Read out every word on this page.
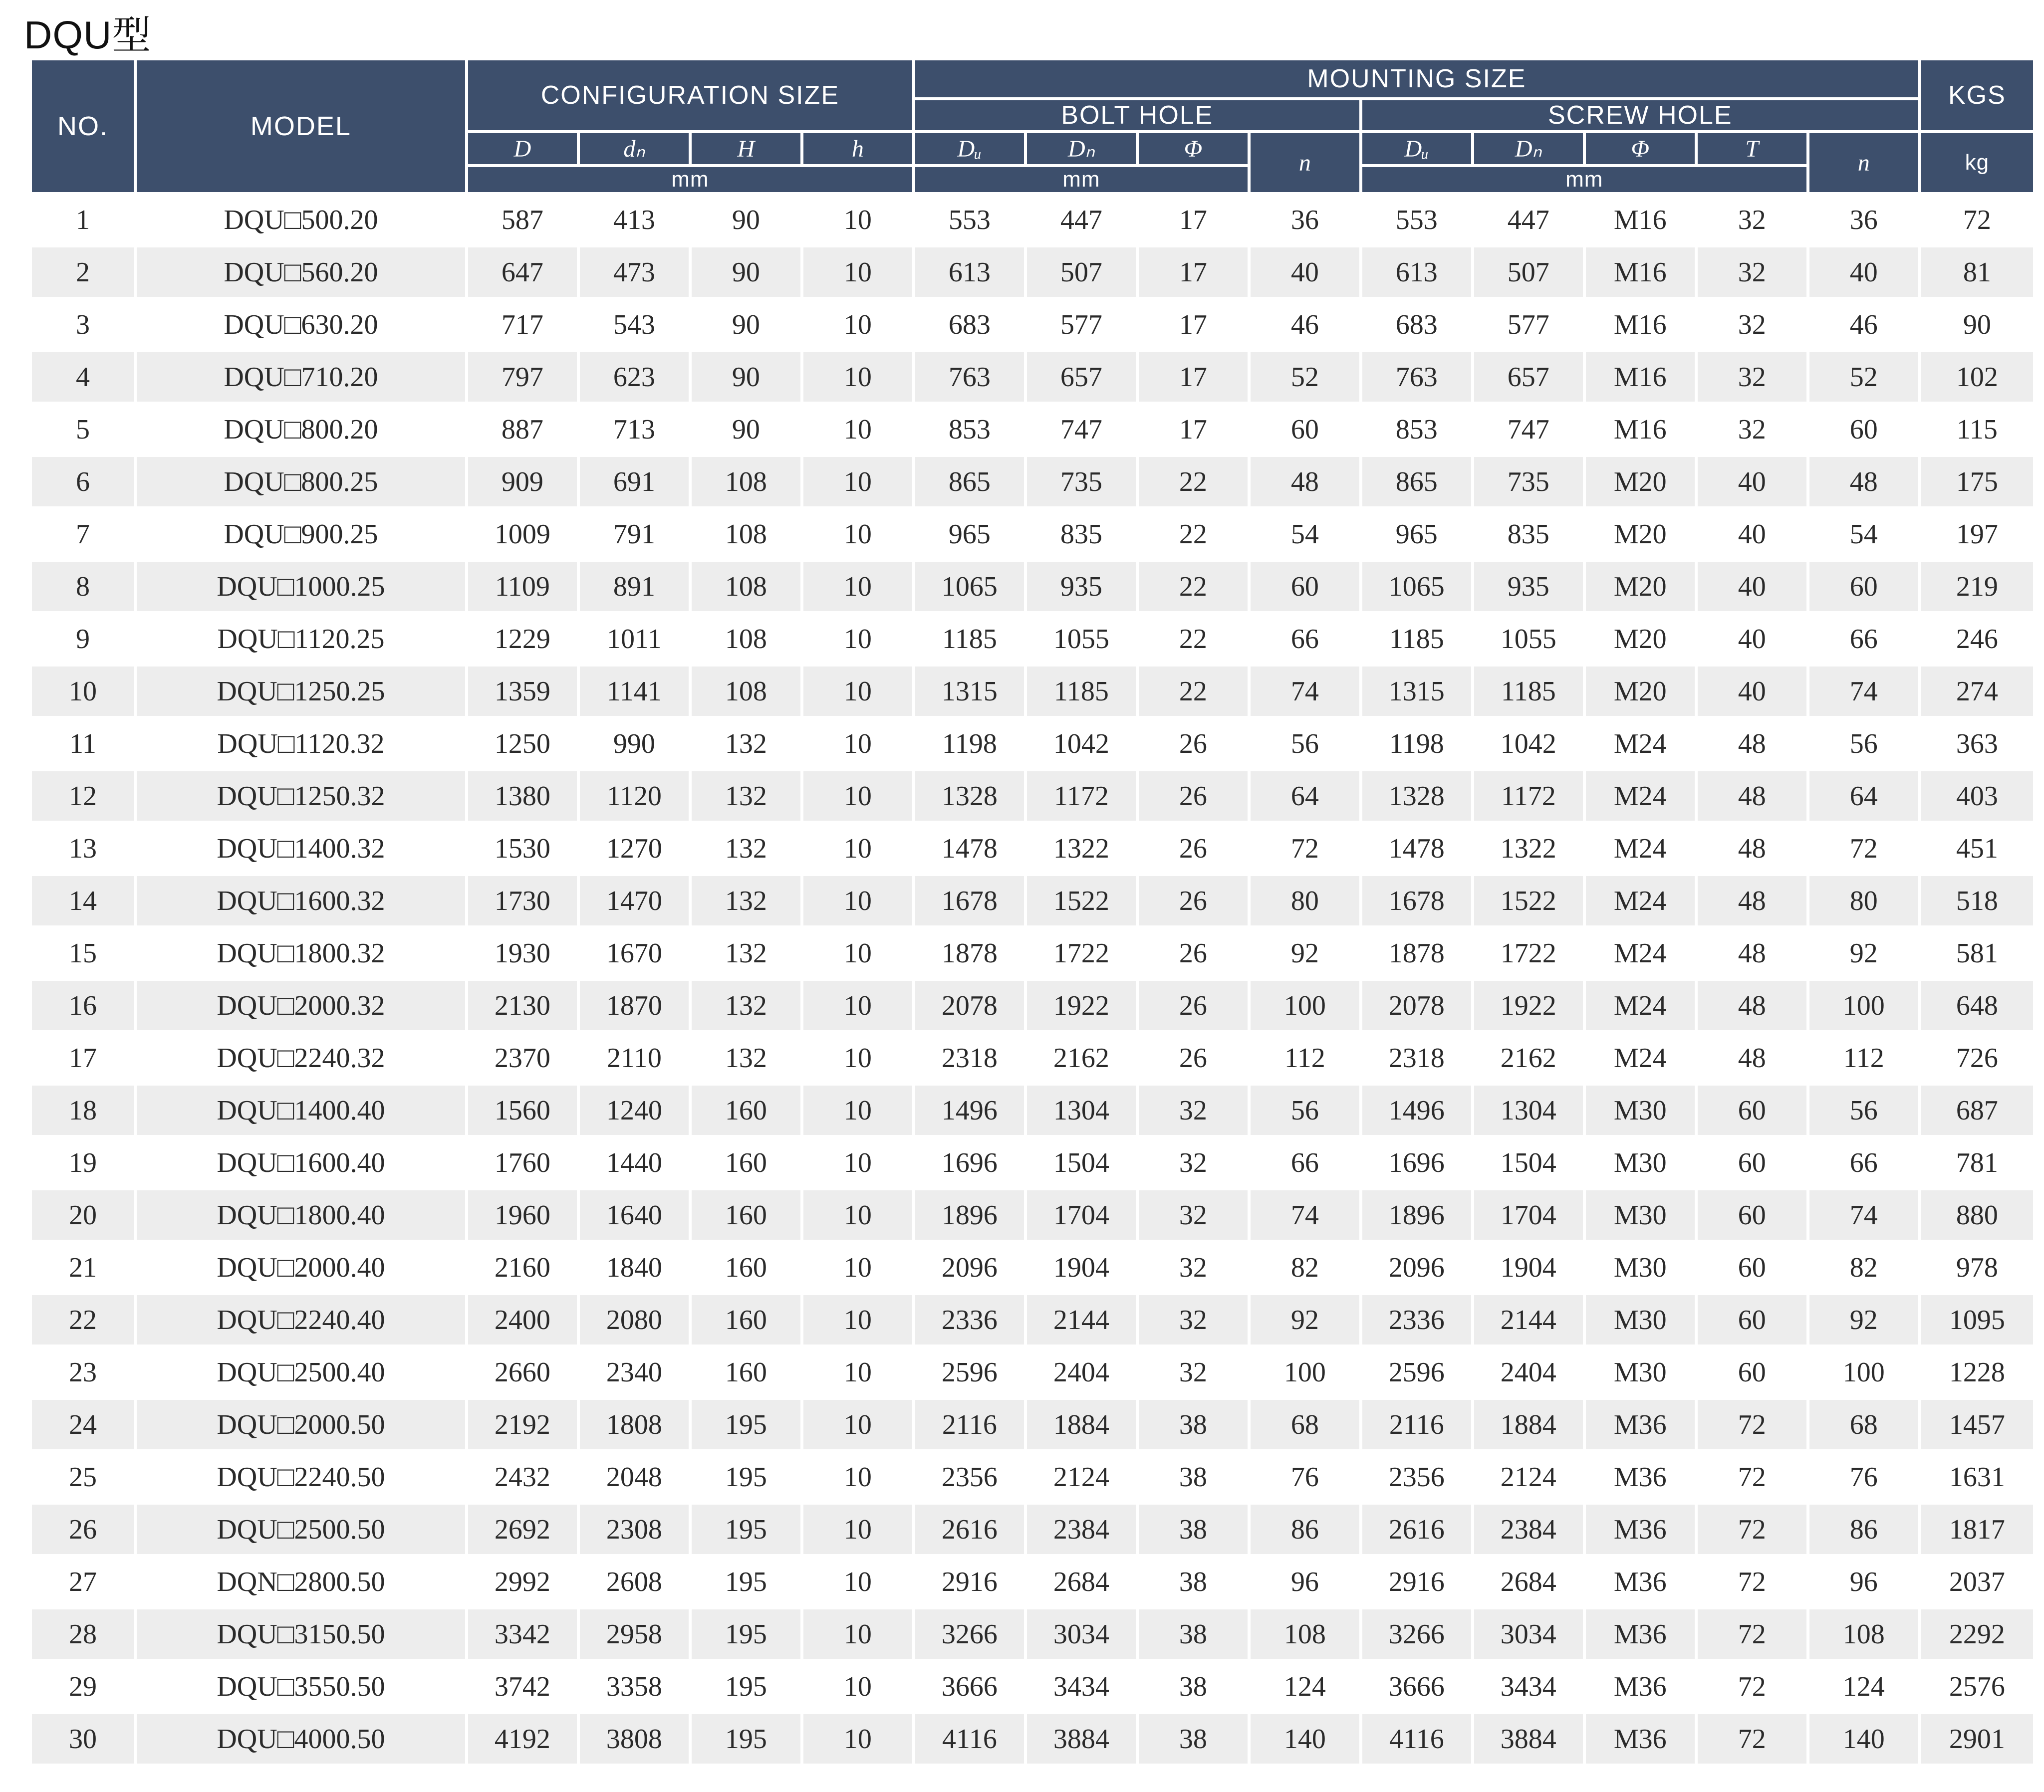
DQU型
NO.	MODEL	CONFIGURATION SIZE				MOUNTING SIZE									KGS
						BOLT HOLE				SCREW HOLE					
		D	dₙ	H	h	Dᵤ	Dₙ	Φ	n	Dᵤ	Dₙ	Φ	T	n	kg
		mm				mm				mm					
1	DQU□500.20	587	413	90	10	553	447	17	36	553	447	M16	32	36	72
2	DQU□560.20	647	473	90	10	613	507	17	40	613	507	M16	32	40	81
3	DQU□630.20	717	543	90	10	683	577	17	46	683	577	M16	32	46	90
4	DQU□710.20	797	623	90	10	763	657	17	52	763	657	M16	32	52	102
5	DQU□800.20	887	713	90	10	853	747	17	60	853	747	M16	32	60	115
6	DQU□800.25	909	691	108	10	865	735	22	48	865	735	M20	40	48	175
7	DQU□900.25	1009	791	108	10	965	835	22	54	965	835	M20	40	54	197
8	DQU□1000.25	1109	891	108	10	1065	935	22	60	1065	935	M20	40	60	219
9	DQU□1120.25	1229	1011	108	10	1185	1055	22	66	1185	1055	M20	40	66	246
10	DQU□1250.25	1359	1141	108	10	1315	1185	22	74	1315	1185	M20	40	74	274
11	DQU□1120.32	1250	990	132	10	1198	1042	26	56	1198	1042	M24	48	56	363
12	DQU□1250.32	1380	1120	132	10	1328	1172	26	64	1328	1172	M24	48	64	403
13	DQU□1400.32	1530	1270	132	10	1478	1322	26	72	1478	1322	M24	48	72	451
14	DQU□1600.32	1730	1470	132	10	1678	1522	26	80	1678	1522	M24	48	80	518
15	DQU□1800.32	1930	1670	132	10	1878	1722	26	92	1878	1722	M24	48	92	581
16	DQU□2000.32	2130	1870	132	10	2078	1922	26	100	2078	1922	M24	48	100	648
17	DQU□2240.32	2370	2110	132	10	2318	2162	26	112	2318	2162	M24	48	112	726
18	DQU□1400.40	1560	1240	160	10	1496	1304	32	56	1496	1304	M30	60	56	687
19	DQU□1600.40	1760	1440	160	10	1696	1504	32	66	1696	1504	M30	60	66	781
20	DQU□1800.40	1960	1640	160	10	1896	1704	32	74	1896	1704	M30	60	74	880
21	DQU□2000.40	2160	1840	160	10	2096	1904	32	82	2096	1904	M30	60	82	978
22	DQU□2240.40	2400	2080	160	10	2336	2144	32	92	2336	2144	M30	60	92	1095
23	DQU□2500.40	2660	2340	160	10	2596	2404	32	100	2596	2404	M30	60	100	1228
24	DQU□2000.50	2192	1808	195	10	2116	1884	38	68	2116	1884	M36	72	68	1457
25	DQU□2240.50	2432	2048	195	10	2356	2124	38	76	2356	2124	M36	72	76	1631
26	DQU□2500.50	2692	2308	195	10	2616	2384	38	86	2616	2384	M36	72	86	1817
27	DQN□2800.50	2992	2608	195	10	2916	2684	38	96	2916	2684	M36	72	96	2037
28	DQU□3150.50	3342	2958	195	10	3266	3034	38	108	3266	3034	M36	72	108	2292
29	DQU□3550.50	3742	3358	195	10	3666	3434	38	124	3666	3434	M36	72	124	2576
30	DQU□4000.50	4192	3808	195	10	4116	3884	38	140	4116	3884	M36	72	140	2901
